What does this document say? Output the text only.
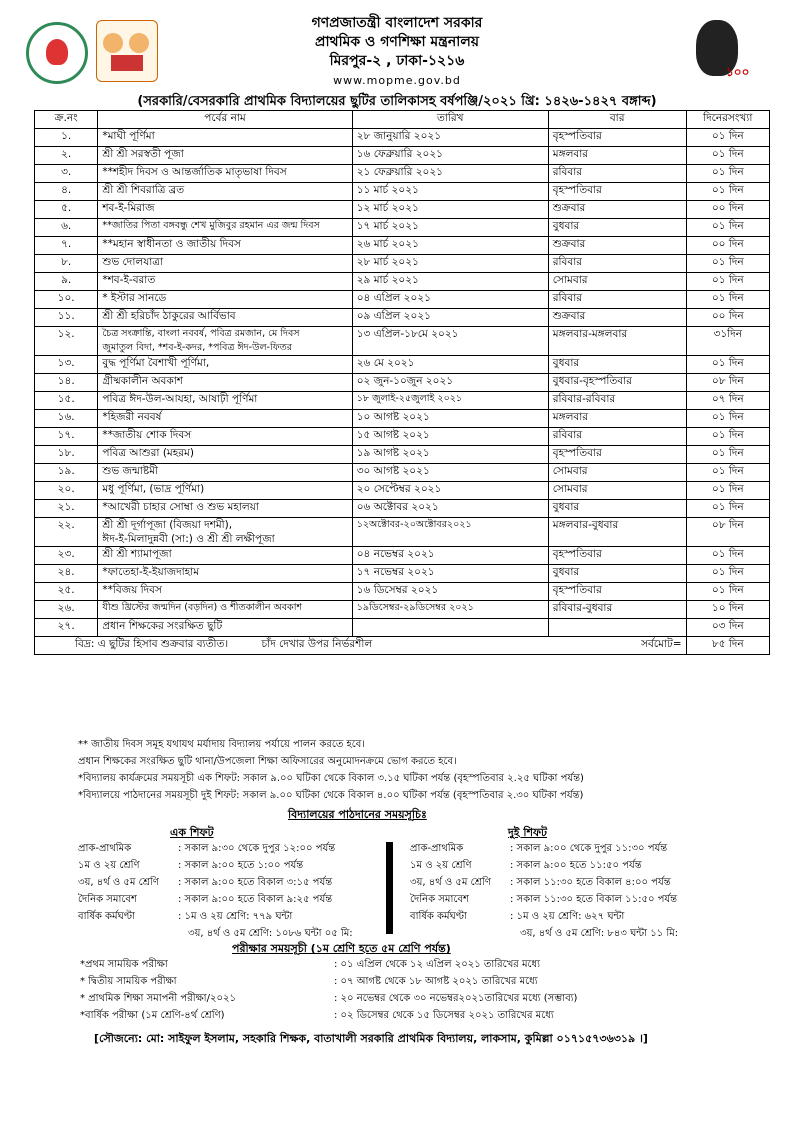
১০০
গণপ্রজাতন্ত্রী বাংলাদেশ সরকার
প্রাথমিক ও গণশিক্ষা মন্ত্রনালয়
মিরপুর-২ , ঢাকা-১২১৬
www.mopme.gov.bd
(সরকারি/বেসরকারি প্রাথমিক বিদ্যালয়ের ছুটির তালিকাসহ বর্ষপঞ্জি/২০২১ খ্রি: ১৪২৬-১৪২৭ বঙ্গাব্দ)
ক্র.নং	পর্বের নাম	তারিখ	বার	দিনেরসংখ্যা
১.	*মাঘী পূর্ণিমা	২৮ জানুয়ারি ২০২১	বৃহস্পতিবার	০১ দিন
২.	শ্রী শ্রী সরস্বতী পূজা	১৬ ফেব্রুয়ারি ২০২১	মঙ্গলবার	০১ দিন
৩.	**শহীদ দিবস ও আন্তর্জাতিক মাতৃভাষা দিবস	২১ ফেব্রুয়ারি ২০২১	রবিবার	০১ দিন
৪.	শ্রী শ্রী শিবরাত্রি ব্রত	১১ মার্চ ২০২১	বৃহস্পতিবার	০১ দিন
৫.	শব-ই-মিরাজ	১২ মার্চ ২০২১	শুক্রবার	০০ দিন
৬.	**জাতির পিতা বঙ্গবন্ধু শেখ মুজিবুর রহমান এর জন্ম দিবস	১৭ মার্চ ২০২১	বুধবার	০১ দিন
৭.	**মহান স্বাধীনতা ও জাতীয় দিবস	২৬ মার্চ ২০২১	শুক্রবার	০০ দিন
৮.	শুভ দোলযাত্রা	২৮ মার্চ ২০২১	রবিবার	০১ দিন
৯.	*শব-ই-বরাত	২৯ মার্চ ২০২১	সোমবার	০১ দিন
১০.	* ইস্টার সানডে	০৪ এপ্রিল ২০২১	রবিবার	০১ দিন
১১.	শ্রী শ্রী হরিচাঁদ ঠাকুরের আর্বিভাব	০৯ এপ্রিল ২০২১	শুক্রবার	০০ দিন
১২.	চৈত্র সংক্রান্তি, বাংলা নববর্ষ, পবিত্র রমজান, মে দিবস
জুমাতুল বিদা, *শব-ই-কদর, *পবিত্র ঈদ-উল-ফিতর	১৩ এপ্রিল-১৮মে ২০২১	মঙ্গলবার-মঙ্গলবার	৩১দিন
১৩.	বুদ্ধ পূর্ণিমা বৈশাখী পূর্ণিমা,	২৬ মে ২০২১	বুধবার	০১ দিন
১৪.	গ্রীষ্মকালীন অবকাশ	০২ জুন-১০জুন ২০২১	বুধবার-বৃহস্পতিবার	০৮ দিন
১৫.	পবিত্র ঈদ-উল-আযহা, আষাঢ়ী পূর্ণিমা	১৮ জুলাই-২৫জুলাই ২০২১	রবিবার-রবিবার	০৭ দিন
১৬.	*হিজরী নববর্ষ	১০ আগষ্ট ২০২১	মঙ্গলবার	০১ দিন
১৭.	**জাতীয় শোক দিবস	১৫ আগষ্ট ২০২১	রবিবার	০১ দিন
১৮.	পবিত্র আশুরা (মহরম)	১৯ আগষ্ট ২০২১	বৃহস্পতিবার	০১ দিন
১৯.	শুভ জন্মাষ্টমী	৩০ আগষ্ট ২০২১	সোমবার	০১ দিন
২০.	মধু পূর্ণিমা, (ভাদ্র পূর্ণিমা)	২০ সেপ্টেম্বর ২০২১	সোমবার	০১ দিন
২১.	*আখেরী চাহার সোম্বা ও শুভ মহালয়া	০৬ অক্টোবর ২০২১	বুধবার	০১ দিন
২২.	শ্রী শ্রী দূর্গাপূজা (বিজয়া দশমী),
ঈদ-ই-মিলাদুন্নবী (সা:) ও শ্রী শ্রী লক্ষীপূজা	১২অক্টোবর-২০অক্টোবর২০২১	মঙ্গলবার-বুধবার	০৮ দিন
২৩.	শ্রী শ্রী শ্যামাপূজা	০৪ নভেম্বর ২০২১	বৃহস্পতিবার	০১ দিন
২৪.	*ফাতেহা-ই-ইয়াজদাহাম	১৭ নভেম্বর ২০২১	বুধবার	০১ দিন
২৫.	**বিজয় দিবস	১৬ ডিসেম্বর ২০২১	বৃহস্পতিবার	০১ দিন
২৬.	যীশু খ্রিস্টের জন্মদিন (বড়দিন) ও শীতকালীন অবকাশ	১৯ডিসেম্বর-২৯ডিসেম্বর ২০২১	রবিবার-বুধবার	১০ দিন
২৭.	প্রধান শিক্ষকের সংরক্ষিত ছুটি			০৩ দিন
বিদ্র: এ ছুটির হিসাব শুক্রবার ব্যতীত। চাঁদ দেখার উপর নির্ভরশীল সর্বমোট=				৮৫ দিন
** জাতীয় দিবস সমূহ যথাযথ মর্যাদায় বিদ্যালয় পর্যায়ে পালন করতে হবে।
প্রধান শিক্ষকের সংরক্ষিত ছুটি থানা/উপজেলা শিক্ষা অফিসারের অনুমোদনক্রমে ভোগ করতে হবে।
*বিদ্যালয় কার্যক্রমের সময়সূচী এক শিফট: সকাল ৯.০০ ঘটিকা থেকে বিকাল ৩.১৫ ঘটিকা পর্যন্ত (বৃহস্পতিবার ২.২৫ ঘটিকা পর্যন্ত)
*বিদ্যালয়ে পাঠদানের সময়সূচী দুই শিফট: সকাল ৯.০০ ঘটিকা থেকে বিকাল ৪.০০ ঘটিকা পর্যন্ত (বৃহস্পতিবার ২.৩০ ঘটিকা পর্যন্ত)
বিদ্যালয়ের পাঠদানের সময়সূচিঃ
এক শিফট	দুই শিফট
প্রাক-প্রাথমিক	: সকাল ৯:৩০ থেকে দুপুর ১২:০০ পর্যন্ত
১ম ও ২য় শ্রেণি	: সকাল ৯:০০ হতে ১:০০ পর্যন্ত
৩য়, ৪র্থ ও ৫ম শ্রেণি : সকাল ৯:০০ হতে বিকাল ৩:১৫ পর্যন্ত
দৈনিক সমাবেশ	: সকাল ৯:০০ হতে বিকাল ৯:২৫ পর্যন্ত
বার্ষিক কর্মঘণ্টা	: ১ম ও ২য় শ্রেণি: ৭৭৯ ঘন্টা
৩য়, ৪র্থ ও ৫ম শ্রেণি: ১০৮৬ ঘন্টা ০৫ মি:
প্রাক-প্রাথমিক	: সকাল ৯:০০ থেকে দুপুর ১১:৩০ পর্যন্ত
১ম ও ২য় শ্রেণি	: সকাল ৯:০০ হতে ১১:৫০ পর্যন্ত
৩য়, ৪র্থ ও ৫ম শ্রেণি : সকাল ১১:৩০ হতে বিকাল ৪:০০ পর্যন্ত
দৈনিক সমাবেশ	: সকাল ১১:৩০ হতে বিকাল ১১:৫০ পর্যন্ত
বার্ষিক কর্মঘণ্টা	: ১ম ও ২য় শ্রেণি: ৬২৭ ঘন্টা
৩য়, ৪র্থ ও ৫ম শ্রেণি: ৮৪৩ ঘন্টা ১১ মি:
পরীক্ষার সময়সূচী (১ম শ্রেণি হতে ৫ম শ্রেণি পর্যন্ত)
*প্রথম সাময়িক পরীক্ষা	: ০১ এপ্রিল থেকে ১২ এপ্রিল ২০২১ তারিখের মধ্যে
* দ্বিতীয় সাময়িক পরীক্ষা	: ০৭ আগষ্ট থেকে ১৮ আগষ্ট ২০২১ তারিখের মধ্যে
* প্রাথমিক শিক্ষা সমাপনী পরীক্ষা/২০২১	: ২০ নভেম্বর থেকে ৩০ নভেম্বর২০২১তারিখের মধ্যে (সম্ভাব্য)
*বার্ষিক পরীক্ষা (১ম শ্রেণি-৪র্থ শ্রেণি)	: ০২ ডিসেম্বর থেকে ১৫ ডিসেম্বর ২০২১ তারিখের মধ্যে
[সৌজন্যে: মো: সাইফুল ইসলাম, সহকারি শিক্ষক, বাতাখালী সরকারি প্রাথমিক বিদ্যালয়, লাকসাম, কুমিল্লা ০১৭১৫৭৩৬৩১৯ ।]
